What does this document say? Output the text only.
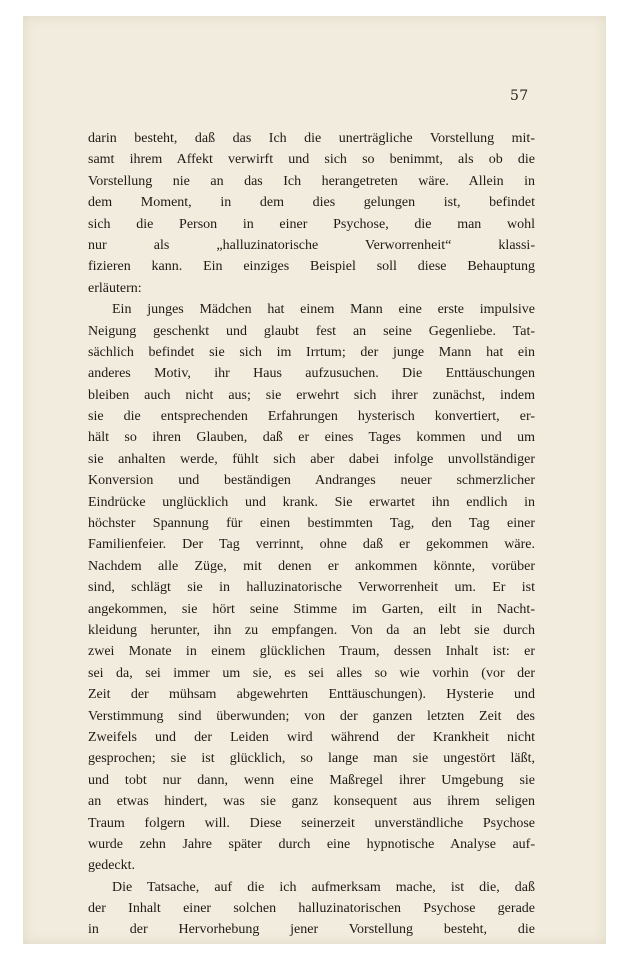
57
darin besteht, daß das Ich die unerträgliche Vorstellung mit-
samt ihrem Affekt verwirft und sich so benimmt, als ob die
Vorstellung nie an das Ich herangetreten wäre. Allein in
dem Moment, in dem dies gelungen ist, befindet
sich die Person in einer Psychose, die man wohl
nur als „halluzinatorische Verworrenheit“ klassi-
fizieren kann. Ein einziges Beispiel soll diese Behauptung
erläutern:
Ein junges Mädchen hat einem Mann eine erste impulsive
Neigung geschenkt und glaubt fest an seine Gegenliebe. Tat-
sächlich befindet sie sich im Irrtum; der junge Mann hat ein
anderes Motiv, ihr Haus aufzusuchen. Die Enttäuschungen
bleiben auch nicht aus; sie erwehrt sich ihrer zunächst, indem
sie die entsprechenden Erfahrungen hysterisch konvertiert, er-
hält so ihren Glauben, daß er eines Tages kommen und um
sie anhalten werde, fühlt sich aber dabei infolge unvollständiger
Konversion und beständigen Andranges neuer schmerzlicher
Eindrücke unglücklich und krank. Sie erwartet ihn endlich in
höchster Spannung für einen bestimmten Tag, den Tag einer
Familienfeier. Der Tag verrinnt, ohne daß er gekommen wäre.
Nachdem alle Züge, mit denen er ankommen könnte, vorüber
sind, schlägt sie in halluzinatorische Verworrenheit um. Er ist
angekommen, sie hört seine Stimme im Garten, eilt in Nacht-
kleidung herunter, ihn zu empfangen. Von da an lebt sie durch
zwei Monate in einem glücklichen Traum, dessen Inhalt ist: er
sei da, sei immer um sie, es sei alles so wie vorhin (vor der
Zeit der mühsam abgewehrten Enttäuschungen). Hysterie und
Verstimmung sind überwunden; von der ganzen letzten Zeit des
Zweifels und der Leiden wird während der Krankheit nicht
gesprochen; sie ist glücklich, so lange man sie ungestört läßt,
und tobt nur dann, wenn eine Maßregel ihrer Umgebung sie
an etwas hindert, was sie ganz konsequent aus ihrem seligen
Traum folgern will. Diese seinerzeit unverständliche Psychose
wurde zehn Jahre später durch eine hypnotische Analyse auf-
gedeckt.
Die Tatsache, auf die ich aufmerksam mache, ist die, daß
der Inhalt einer solchen halluzinatorischen Psychose gerade
in der Hervorhebung jener Vorstellung besteht, die
